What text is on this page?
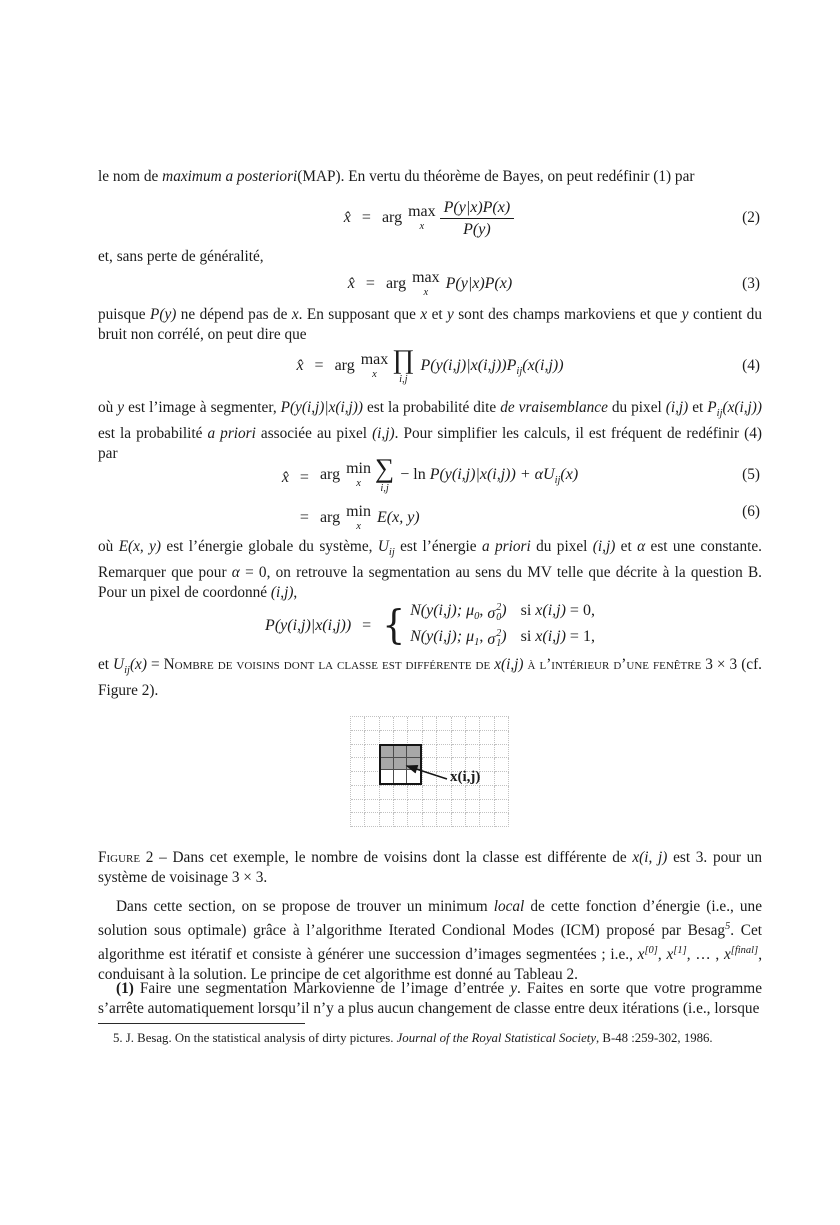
le nom de maximum a posteriori(MAP). En vertu du théorème de Bayes, on peut redéfinir (1) par
x̂ = arg max
x $\frac{P(y|x)P(x)}{P(y)}$	(2)
et, sans perte de généralité,
x̂ = arg max
x
P(y|x)P(x)	(3)
puisque P(y) ne dépend pas de x. En supposant que x et y sont des champs markoviens et que y contient du bruit non corrélé, on peut dire que
x̂ = arg max
x
∏
i,j
$P(y(i,j)|x(i,j))P_{ij}(x(i,j))$	(4)
où y est l’image à segmenter, P(y(i,j)|x(i,j)) est la probabilité dite de vraisemblance du pixel (i,j) et $P_{ij}(x(i,j))$ est la probabilité a priori associée au pixel (i,j). Pour simplifier les calculs, il est fréquent de redéfinir (4) par
x̂ = arg min
x
∑
i,j
− $\ln P(y(i,j)|x(i,j)) + \alpha U_{ij}(x)$
= arg min
x
E(x, y)
(5)
(6)
où E(x, y) est l’énergie globale du système, $U_{ij}$ est l’énergie a priori du pixel (i,j) et α est une constante. Remarquer que pour α = 0, on retrouve la segmentation au sens du MV telle que décrite à la question B. Pour un pixel de coordonné (i,j),
P(y(i,j)|x(i,j)) = { N(y(i,j); $\mu_0$, σ 2
0 ) si x(i,j) = 0,
N(y(i,j); $\mu_1$, σ 2
1 ) si x(i,j) = 1,
et $U_{ij}(x)$ = Nombre de voisins dont la classe est différente de x(i,j) à l’intérieur d’une fenêtre 3 × 3 (cf. Figure 2).
x(i,j)
Figure 2 – Dans cet exemple, le nombre de voisins dont la classe est différente de x(i, j) est 3. pour un système de voisinage 3 × 3.
Dans cette section, on se propose de trouver un minimum local de cette fonction d’énergie (i.e., une solution sous optimale) grâce à l’algorithme Iterated Condional Modes (ICM) proposé par Besag$^5$. Cet algorithme est itératif et consiste à générer une succession d’images segmentées ; i.e., x[0], x[1], … , x[final], conduisant à la solution. Le principe de cet algorithme est donné au Tableau 2.
(1) Faire une segmentation Markovienne de l’image d’entrée y. Faites en sorte que votre programme s’arrête automatiquement lorsqu’il n’y a plus aucun changement de classe entre deux itérations (i.e., lorsque
5. J. Besag. On the statistical analysis of dirty pictures. Journal of the Royal Statistical Society, B-48 :259-302, 1986.
